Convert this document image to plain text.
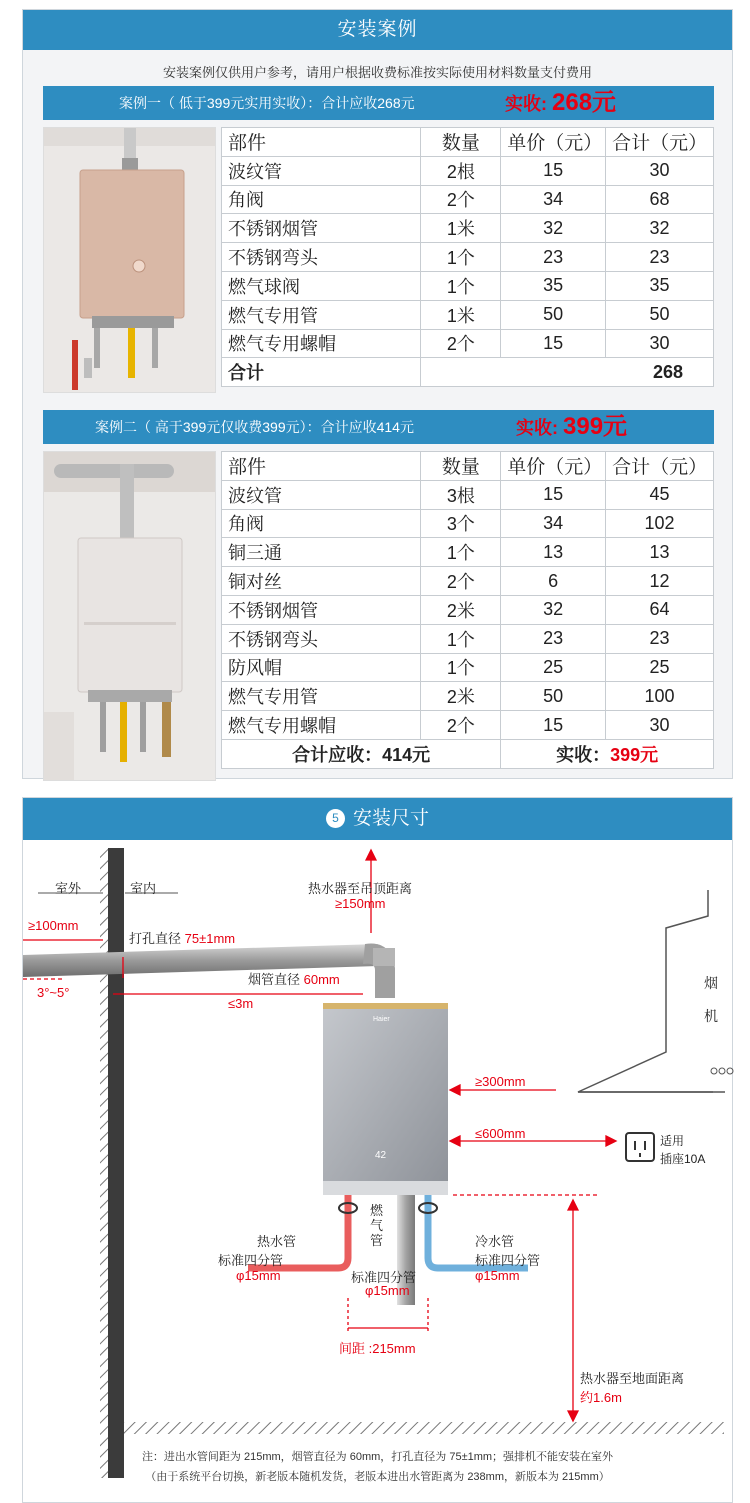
安装案例
安装案例仅供用户参考，请用户根据收费标准按实际使用材料数量支付费用
案例一（ 低于399元实用实收）：合计应收268元	实收: 268元
部件	数量	单价（元）	合计（元）
波纹管	2根	15	30
角阀	2个	34	68
不锈钢烟管	1米	32	32
不锈钢弯头	1个	23	23
燃气球阀	1个	35	35
燃气专用管	1米	50	50
燃气专用螺帽	2个	15	30
合计	268		
案例二（ 高于399元仅收费399元）：合计应收414元	实收: 399元
部件	数量	单价（元）	合计（元）
波纹管	3根	15	45
角阀	3个	34	102
铜三通	1个	13	13
铜对丝	2个	6	12
不锈钢烟管	2米	32	64
不锈钢弯头	1个	23	23
防风帽	1个	25	25
燃气专用管	2米	50	100
燃气专用螺帽	2个	15	30
合计应收：414元		实收：399元	
5 安装尺寸
室外	室内
≥100mm
打孔直径 75±1mm
烟管直径 60mm
3°~5°
≤3m
热水器至吊顶距离
≥150mm
烟
机
Haier
42
≥300mm
≤600mm	适用
插座10A
燃气管
标准四分管
φ15mm
热水管
标准四分管
φ15mm
冷水管
标准四分管
φ15mm
间距 :215mm
热水器至地面距离
约1.6m
注：进出水管间距为 215mm，烟管直径为 60mm，打孔直径为 75±1mm；强排机不能安装在室外
（由于系统平台切换，新老版本随机发货，老版本进出水管距离为 238mm，新版本为 215mm）
